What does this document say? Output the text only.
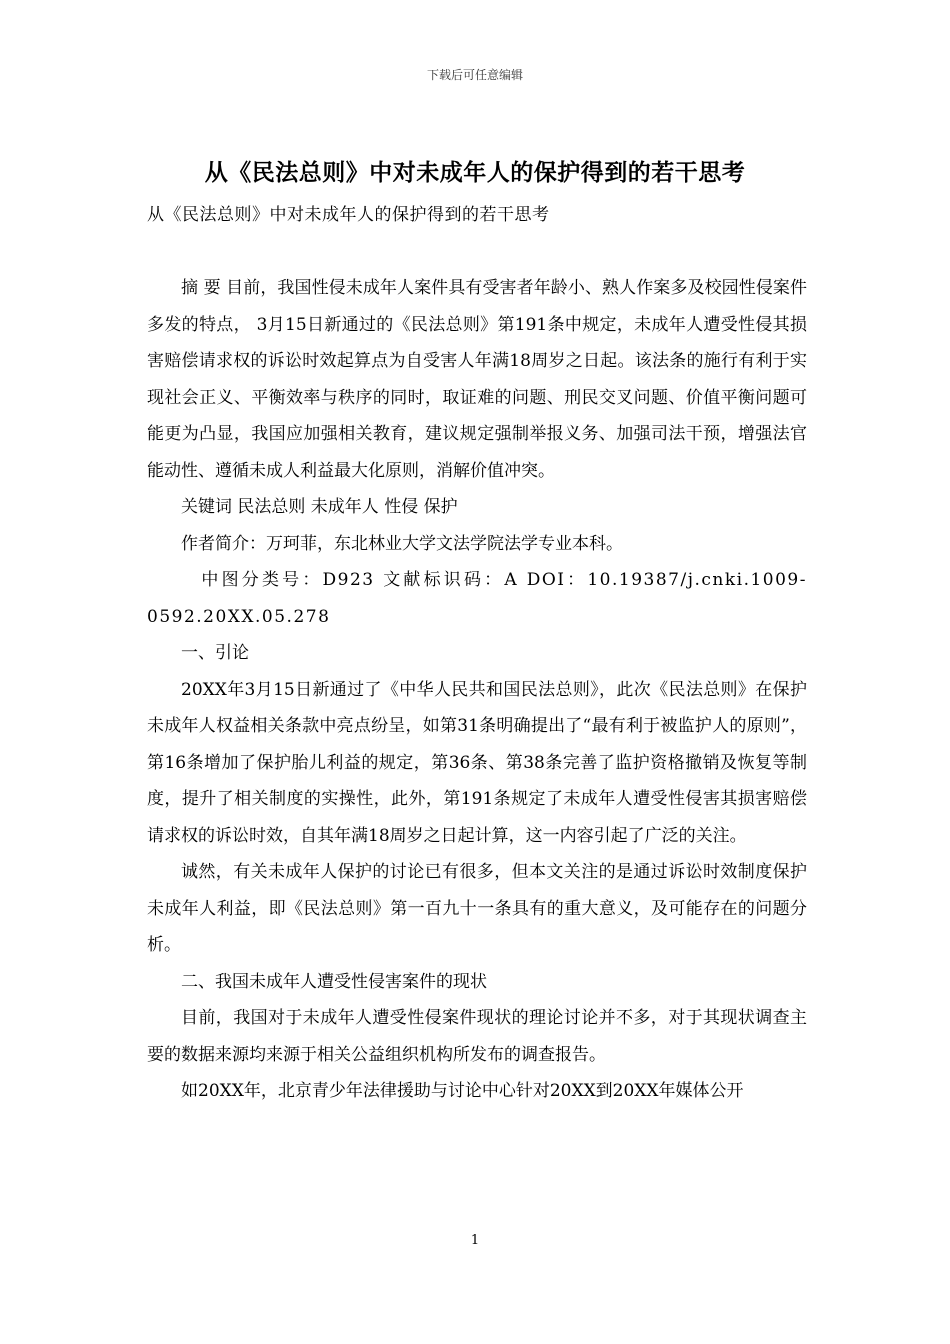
下载后可任意编辑
从《民法总则》中对未成年人的保护得到的若干思考
从《民法总则》中对未成年人的保护得到的若干思考

摘 要 目前，我国性侵未成年人案件具有受害者年龄小、熟人作案多及校园性侵案件多发的特点， 3月15日新通过的《民法总则》第191条中规定，未成年人遭受性侵其损害赔偿请求权的诉讼时效起算点为自受害人年满18周岁之日起。该法条的施行有利于实现社会正义、平衡效率与秩序的同时，取证难的问题、刑民交叉问题、价值平衡问题可能更为凸显，我国应加强相关教育，建议规定强制举报义务、加强司法干预，增强法官能动性、遵循未成人利益最大化原则，消解价值冲突。

关键词 民法总则 未成年人 性侵 保护

作者简介：万珂菲，东北林业大学文法学院法学专业本科。

中图分类号：D923 文献标识码：A DOI：10.19387/j.cnki.1009-0592.20XX.05.278

一、引论

20XX年3月15日新通过了《中华人民共和国民法总则》，此次《民法总则》在保护未成年人权益相关条款中亮点纷呈，如第31条明确提出了“最有利于被监护人的原则”，第16条增加了保护胎儿利益的规定，第36条、第38条完善了监护资格撤销及恢复等制度，提升了相关制度的实操性，此外，第191条规定了未成年人遭受性侵害其损害赔偿请求权的诉讼时效，自其年满18周岁之日起计算，这一内容引起了广泛的关注。

诚然，有关未成年人保护的讨论已有很多，但本文关注的是通过诉讼时效制度保护未成年人利益，即《民法总则》第一百九十一条具有的重大意义，及可能存在的问题分析。

二、我国未成年人遭受性侵害案件的现状

目前，我国对于未成年人遭受性侵案件现状的理论讨论并不多，对于其现状调查主要的数据来源均来源于相关公益组织机构所发布的调查报告。

如20XX年，北京青少年法律援助与讨论中心针对20XX到20XX年媒体公开

1
